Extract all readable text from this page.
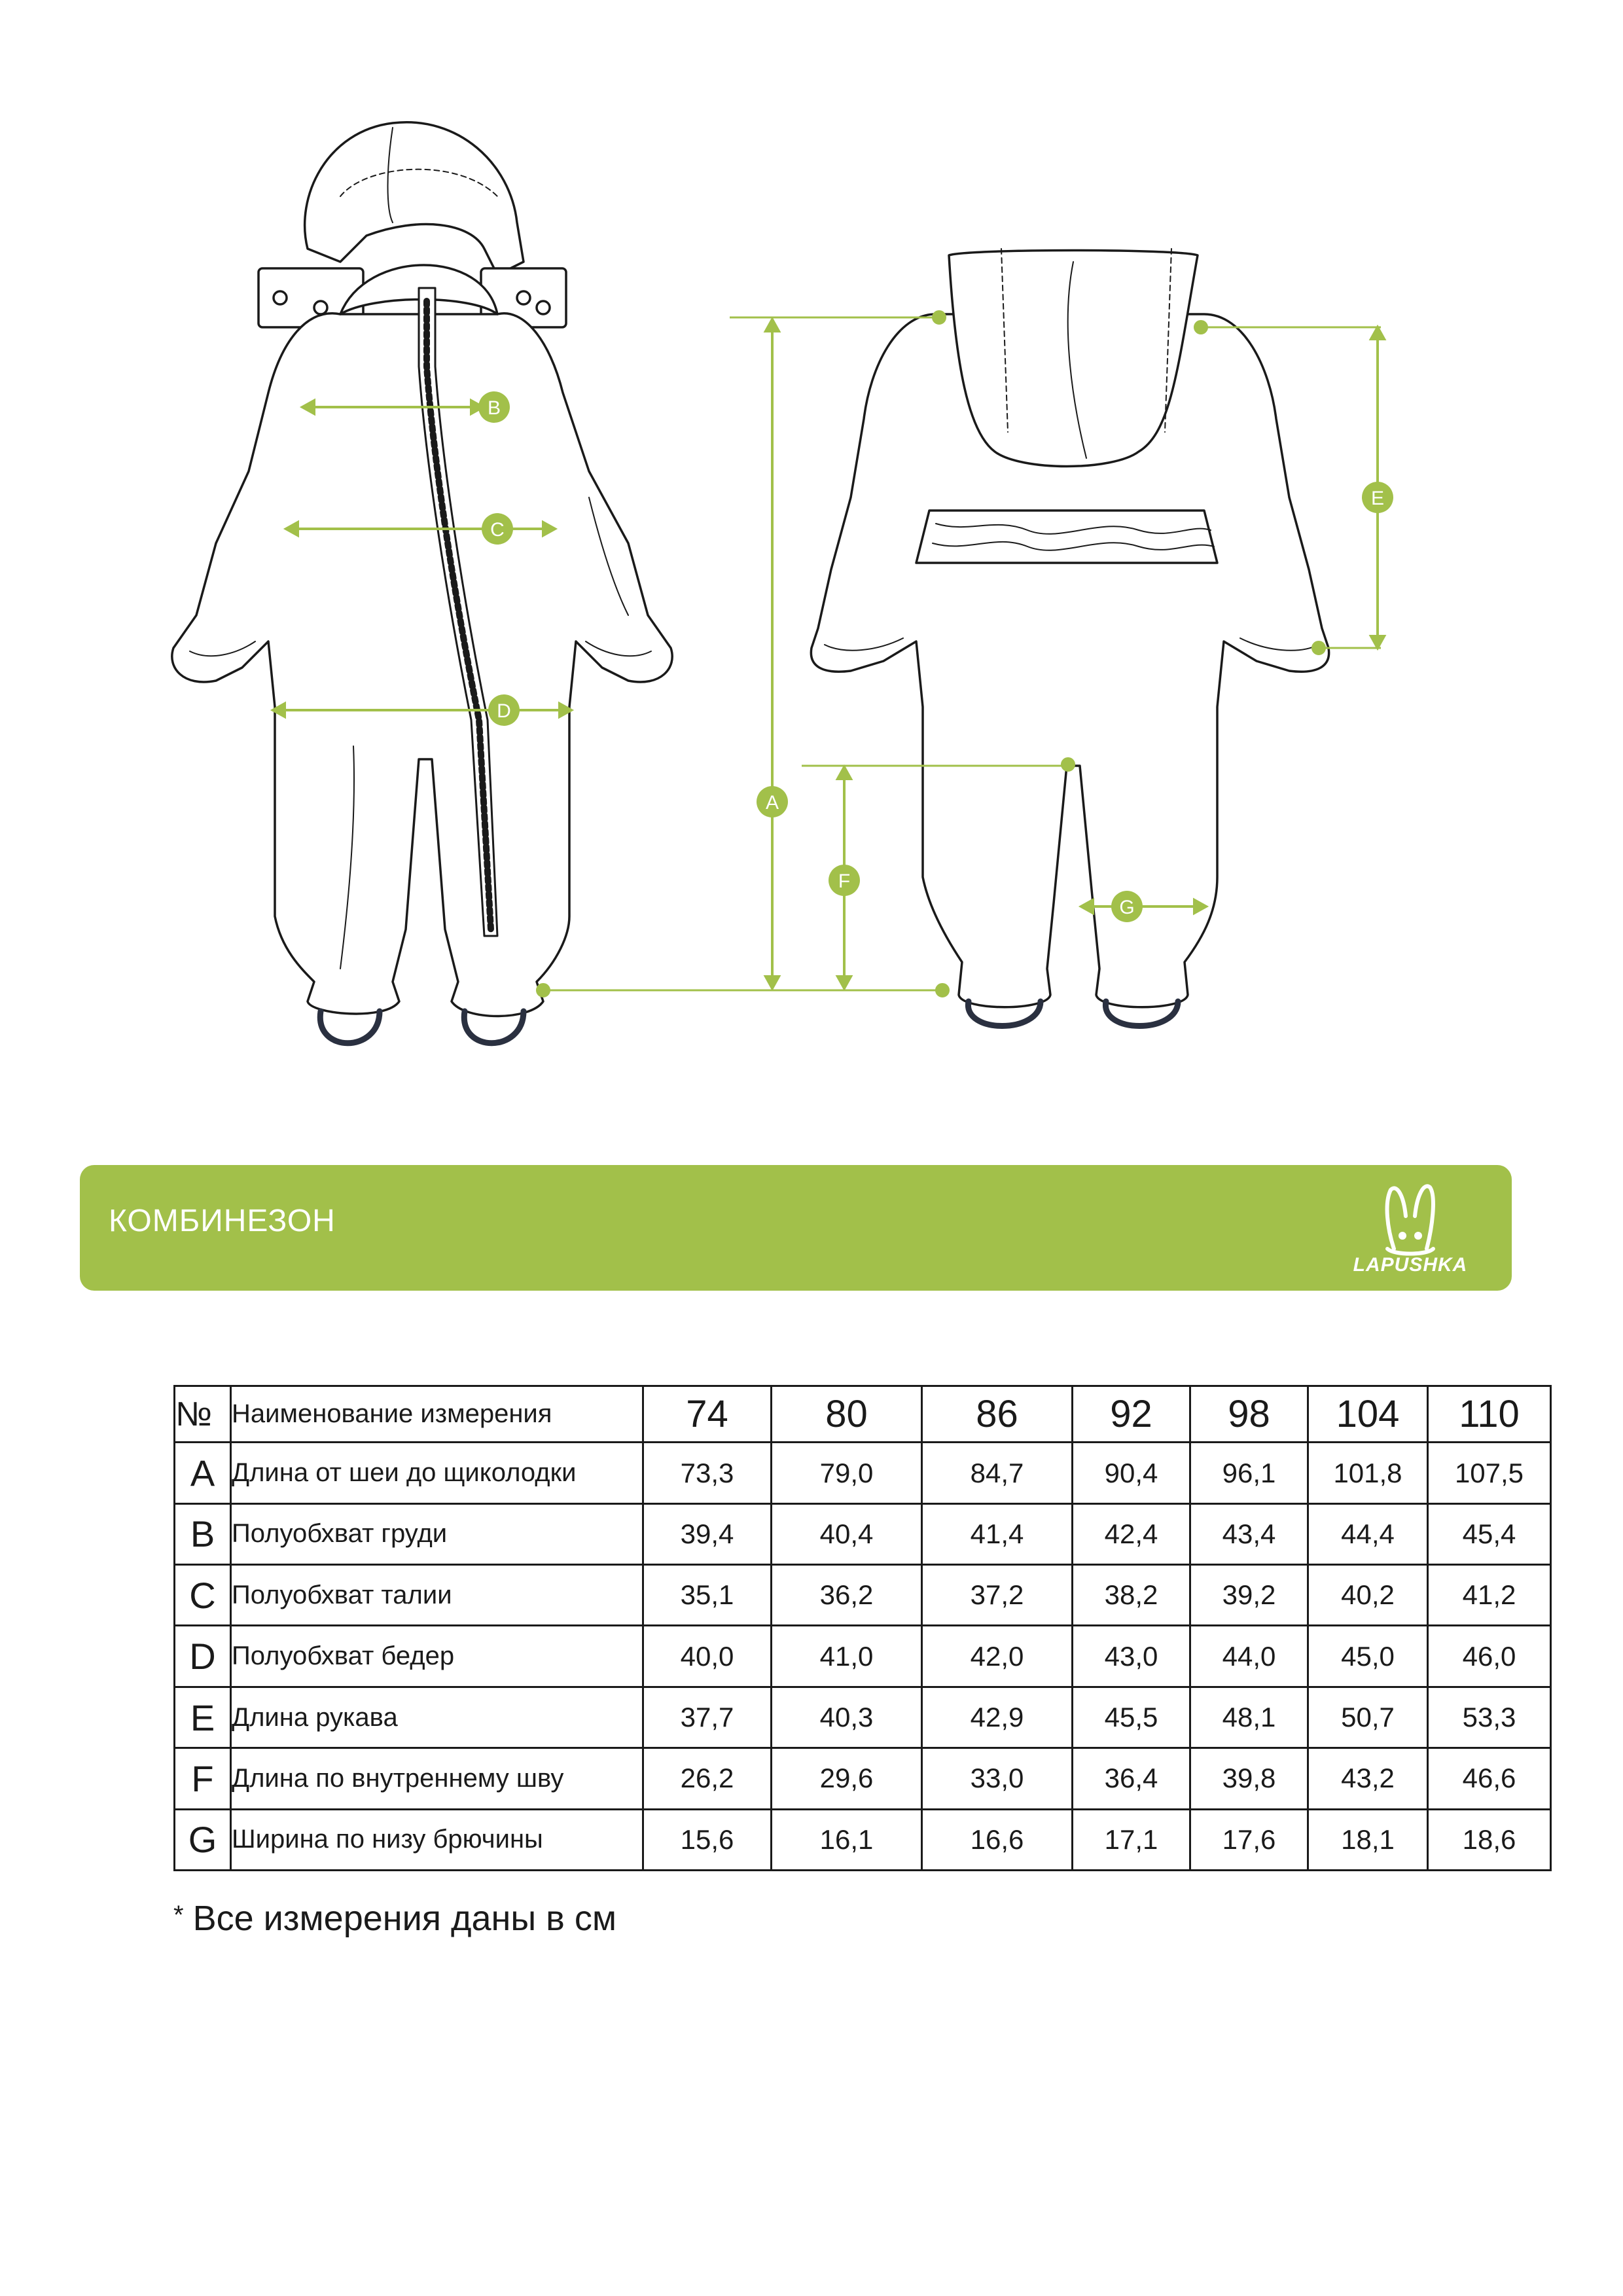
B
C
D
A
E
F
G
КОМБИНЕЗОН
LAPUSHKA
№	Наименование измерения	74	80	86	92	98	104	110
A	Длина от шеи до щиколодки	73,3	79,0	84,7	90,4	96,1	101,8	107,5
B	Полуобхват груди	39,4	40,4	41,4	42,4	43,4	44,4	45,4
C	Полуобхват талии	35,1	36,2	37,2	38,2	39,2	40,2	41,2
D	Полуобхват бедер	40,0	41,0	42,0	43,0	44,0	45,0	46,0
E	Длина рукава	37,7	40,3	42,9	45,5	48,1	50,7	53,3
F	Длина по внутреннему шву	26,2	29,6	33,0	36,4	39,8	43,2	46,6
G	Ширина по низу брючины	15,6	16,1	16,6	17,1	17,6	18,1	18,6
* Все измерения даны в см
